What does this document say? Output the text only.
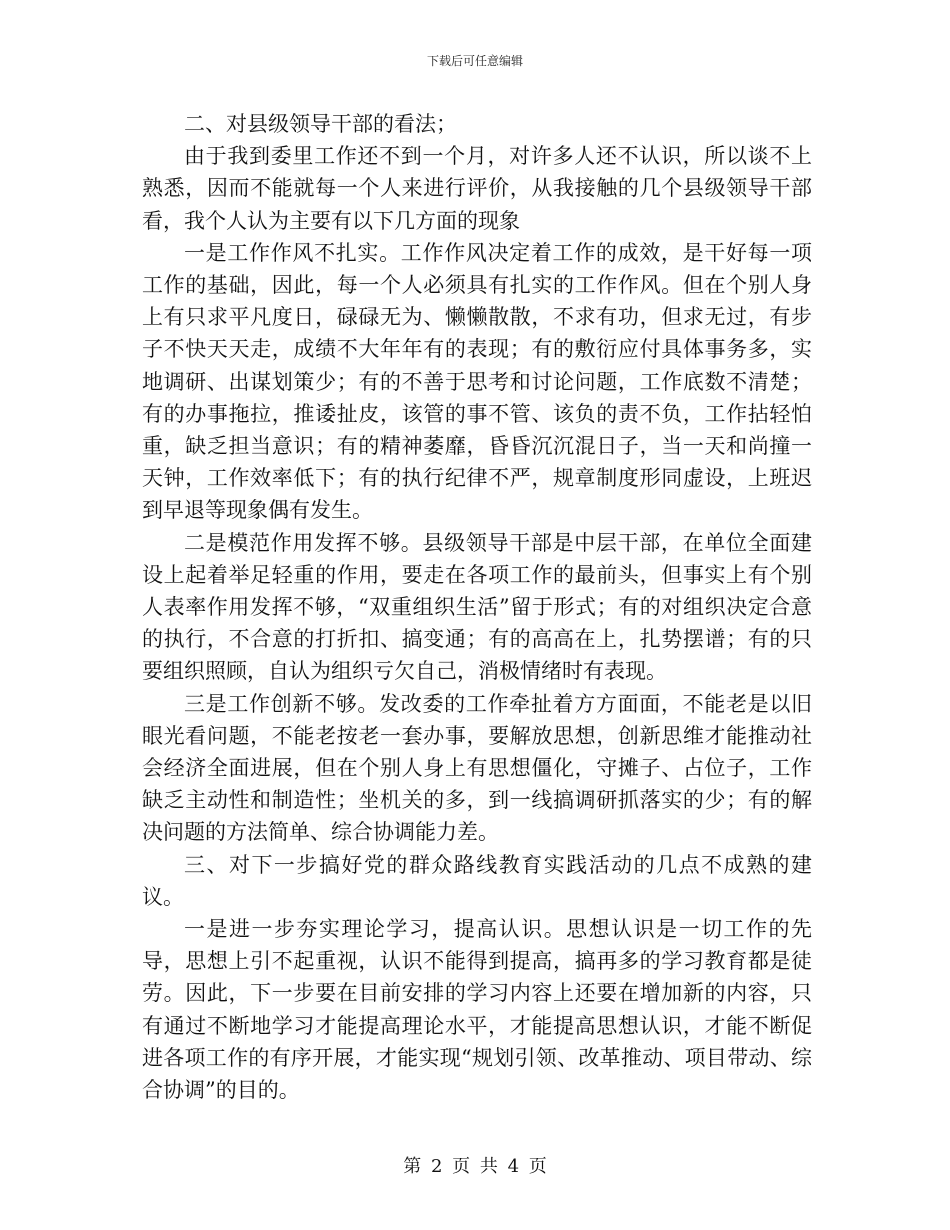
下载后可任意编辑

二、对县级领导干部的看法；

由于我到委里工作还不到一个月，对许多人还不认识，所以谈不上熟悉，因而不能就每一个人来进行评价，从我接触的几个县级领导干部看，我个人认为主要有以下几方面的现象

一是工作作风不扎实。工作作风决定着工作的成效，是干好每一项工作的基础，因此，每一个人必须具有扎实的工作作风。但在个别人身上有只求平凡度日，碌碌无为、懒懒散散，不求有功，但求无过，有步子不快天天走，成绩不大年年有的表现；有的敷衍应付具体事务多，实地调研、出谋划策少；有的不善于思考和讨论问题，工作底数不清楚；有的办事拖拉，推诿扯皮，该管的事不管、该负的责不负，工作拈轻怕重，缺乏担当意识；有的精神萎靡，昏昏沉沉混日子，当一天和尚撞一天钟，工作效率低下；有的执行纪律不严，规章制度形同虚设，上班迟到早退等现象偶有发生。

二是模范作用发挥不够。县级领导干部是中层干部，在单位全面建设上起着举足轻重的作用，要走在各项工作的最前头，但事实上有个别人表率作用发挥不够，“双重组织生活”留于形式；有的对组织决定合意的执行，不合意的打折扣、搞变通；有的高高在上，扎势摆谱；有的只要组织照顾，自认为组织亏欠自己，消极情绪时有表现。

三是工作创新不够。发改委的工作牵扯着方方面面，不能老是以旧眼光看问题，不能老按老一套办事，要解放思想，创新思维才能推动社会经济全面进展，但在个别人身上有思想僵化，守摊子、占位子，工作缺乏主动性和制造性；坐机关的多，到一线搞调研抓落实的少；有的解决问题的方法简单、综合协调能力差。

三、对下一步搞好党的群众路线教育实践活动的几点不成熟的建议。

一是进一步夯实理论学习，提高认识。思想认识是一切工作的先导，思想上引不起重视，认识不能得到提高，搞再多的学习教育都是徒劳。因此，下一步要在目前安排的学习内容上还要在增加新的内容，只有通过不断地学习才能提高理论水平，才能提高思想认识，才能不断促进各项工作的有序开展，才能实现“规划引领、改革推动、项目带动、综合协调”的目的。

第 2 页 共 4 页
